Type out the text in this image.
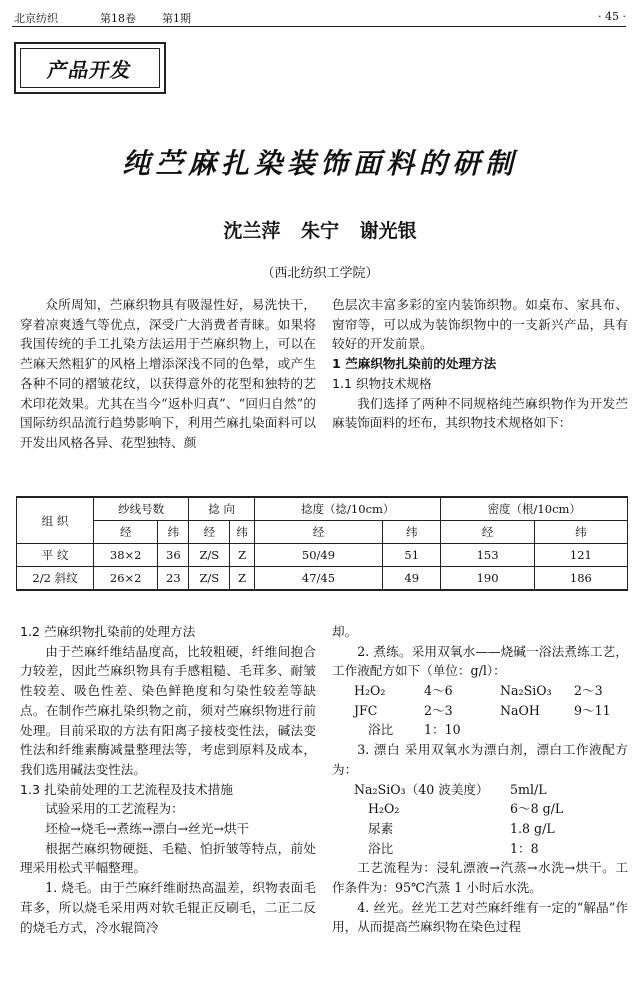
北京纺织	第18卷 第1期	· 45 ·
产品开发
纯苎麻扎染装饰面料的研制
沈兰萍 朱宁 谢光银
（西北纺织工学院）

众所周知，苎麻织物具有吸湿性好，易洗快干，穿着凉爽透气等优点，深受广大消费者青睐。如果将我国传统的手工扎染方法运用于苎麻织物上，可以在苎麻天然粗犷的风格上增添深浅不同的色晕，或产生各种不同的褶皱花纹，以获得意外的花型和独特的艺术印花效果。尤其在当今“返朴归真”、“回归自然”的国际纺织品流行趋势影响下，利用苎麻扎染面料可以开发出风格各异、花型独特、颜

色层次丰富多彩的室内装饰织物。如桌布、家具布、窗帘等，可以成为装饰织物中的一支新兴产品，具有较好的开发前景。

1 苎麻织物扎染前的处理方法
1.1 织物技术规格

我们选择了两种不同规格纯苎麻织物作为开发苎麻装饰面料的坯布，其织物技术规格如下：

组 织	纱线号数		捻 向		捻度（捻/10cm）		密度（根/10cm）	
	经	纬	经	纬	经	纬	经	纬
平 纹	38×2	36	Z/S	Z	50/49	51	153	121
2/2 斜纹	26×2	23	Z/S	Z	47/45	49	190	186
1.2 苎麻织物扎染前的处理方法

由于苎麻纤维结晶度高，比较粗硬，纤维间抱合力较差，因此苎麻织物具有手感粗糙、毛茸多、耐皱性较差、吸色性差、染色鲜艳度和匀染性较差等缺点。在制作苎麻扎染织物之前，须对苎麻织物进行前处理。目前采取的方法有阳离子接枝变性法，碱法变性法和纤维素酶减量整理法等，考虑到原料及成本，我们选用碱法变性法。

1.3 扎染前处理的工艺流程及技术措施

试验采用的工艺流程为：

坯检→烧毛→煮练→漂白→丝光→烘干

根据苎麻织物硬挺、毛糙、怕折皱等特点，前处理采用松式平幅整理。

1. 烧毛。由于苎麻纤维耐热高温差，织物表面毛茸多，所以烧毛采用两对软毛辊正反刷毛，二正二反的烧毛方式，冷水辊筒冷

却。

2. 煮练。采用双氧水——烧碱一浴法煮练工艺，工作液配方如下（单位：g/l）：

H₂O₂	4～6	Na₂SiO₃ 2～3
JFC	2～3	NaOH	9～11
浴比 1：10

3. 漂白 采用双氧水为漂白剂，漂白工作液配方为：

Na₂SiO₃（40 波美度） 5ml/L
H₂O₂	6～8 g/L
尿素	1.8 g/L
浴比	1：8

工艺流程为：浸轧漂液→汽蒸→水洗→烘干。工作条件为：95℃汽蒸 1 小时后水洗。

4. 丝光。丝光工艺对苎麻纤维有一定的“解晶”作用，从而提高苎麻织物在染色过程
